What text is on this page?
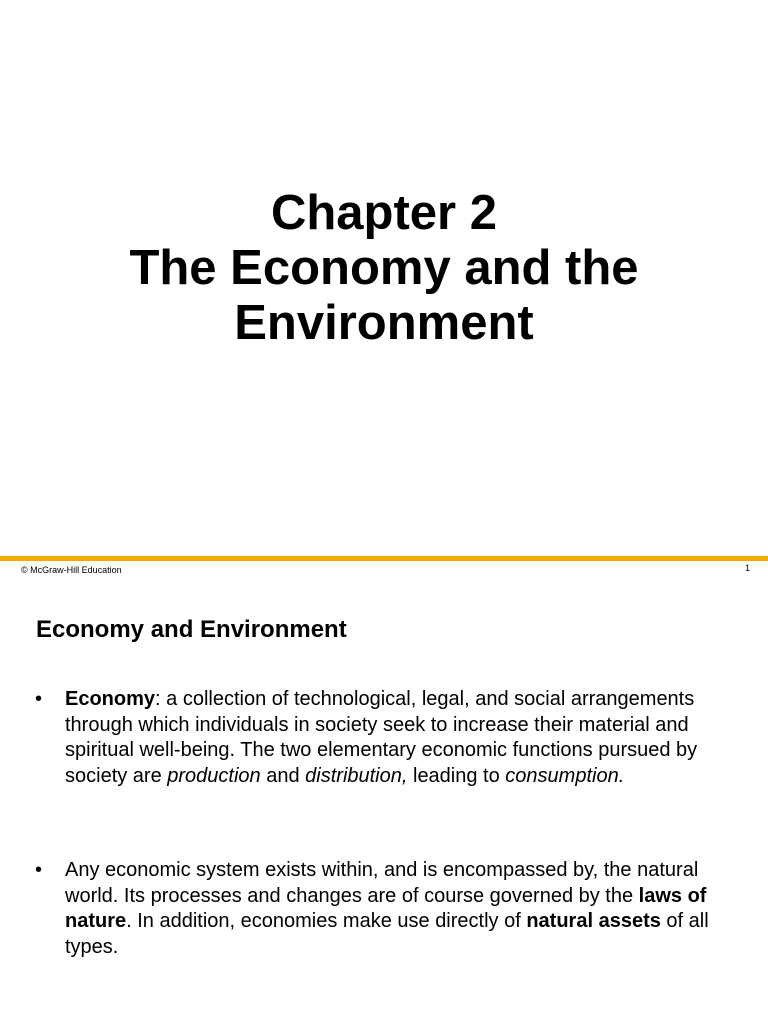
Chapter 2
The Economy and the
Environment
© McGraw-Hill Education	1
Economy and Environment
• Economy: a collection of technological, legal, and social arrangements through which individuals in society seek to increase their material and spiritual well-being. The two elementary economic functions pursued by society are production and distribution, leading to consumption.
• Any economic system exists within, and is encompassed by, the natural world. Its processes and changes are of course governed by the laws of nature. In addition, economies make use directly of natural assets of all types.
